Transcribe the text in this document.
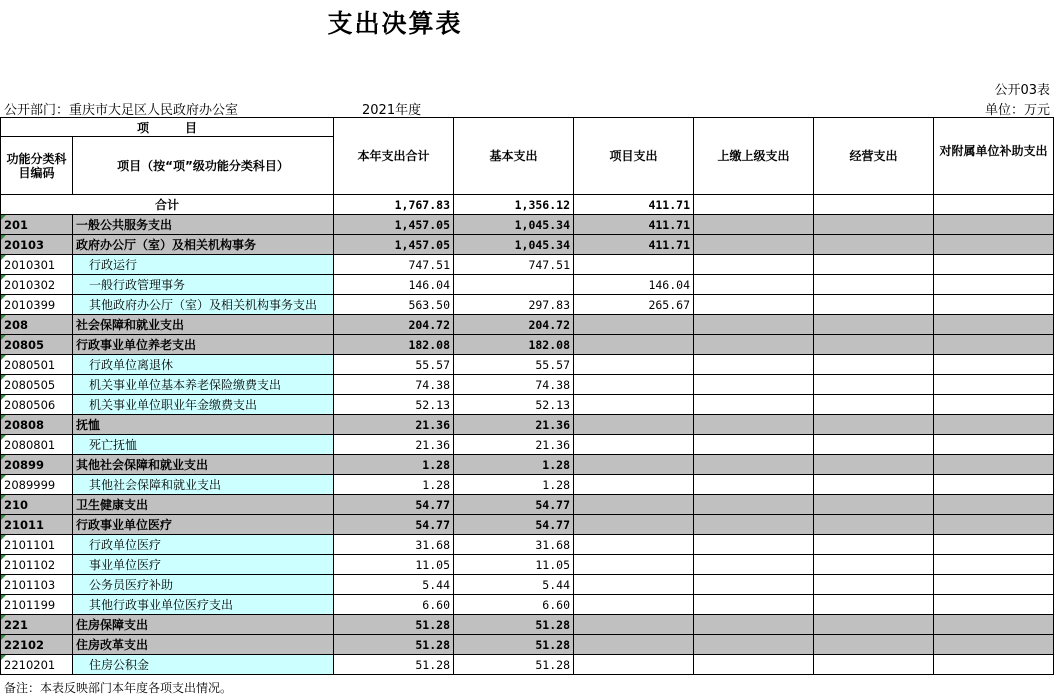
支出决算表
公开03表
公开部门：重庆市大足区人民政府办公室	2021年度	单位：万元
项　　　目		本年支出合计	基本支出	项目支出	上缴上级支出	经营支出	对附属单位补助支出
功能分类科目编码	项目（按“项”级功能分类科目）						
合计		1,767.83	1,356.12	411.71			
201	一般公共服务支出	1,457.05	1,045.34	411.71			
20103	政府办公厅（室）及相关机构事务	1,457.05	1,045.34	411.71			
2010301	行政运行	747.51	747.51				
2010302	一般行政管理事务	146.04		146.04			
2010399	其他政府办公厅（室）及相关机构事务支出	563.50	297.83	265.67			
208	社会保障和就业支出	204.72	204.72				
20805	行政事业单位养老支出	182.08	182.08				
2080501	行政单位离退休	55.57	55.57				
2080505	机关事业单位基本养老保险缴费支出	74.38	74.38				
2080506	机关事业单位职业年金缴费支出	52.13	52.13				
20808	抚恤	21.36	21.36				
2080801	死亡抚恤	21.36	21.36				
20899	其他社会保障和就业支出	1.28	1.28				
2089999	其他社会保障和就业支出	1.28	1.28				
210	卫生健康支出	54.77	54.77				
21011	行政事业单位医疗	54.77	54.77				
2101101	行政单位医疗	31.68	31.68				
2101102	事业单位医疗	11.05	11.05				
2101103	公务员医疗补助	5.44	5.44				
2101199	其他行政事业单位医疗支出	6.60	6.60				
221	住房保障支出	51.28	51.28				
22102	住房改革支出	51.28	51.28				
2210201	住房公积金	51.28	51.28				
备注：本表反映部门本年度各项支出情况。
